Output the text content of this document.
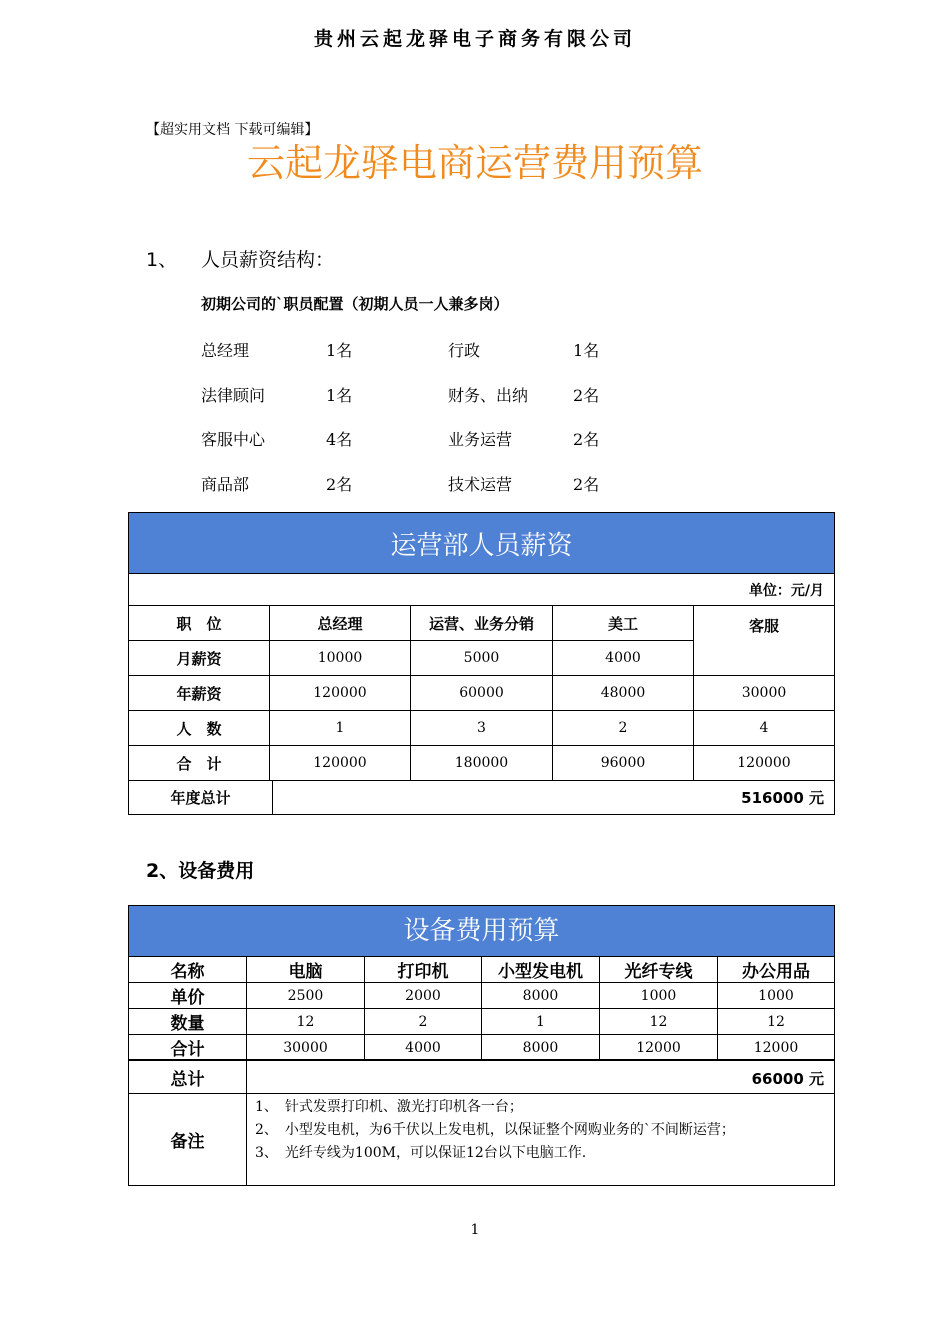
贵州云起龙驿电子商务有限公司
【超实用文档 下载可编辑】
云起龙驿电商运营费用预算
1、 人员薪资结构：
初期公司的`职员配置（初期人员一人兼多岗）
总经理	1名	行政	1名
法律顾问	1名	财务、出纳	2名
客服中心	4名	业务运营	2名
商品部	2名	技术运营	2名
运营部人员薪资				
单位：元/月				
职　位	总经理	运营、业务分销	美工	客服
月薪资	10000	5000	4000	
年薪资	120000	60000	48000	30000
人　数	1	3	2	4
合　计	120000	180000	96000	120000
年度总计	516000 元
2、设备费用
设备费用预算					
名称	电脑	打印机	小型发电机	光纤专线	办公用品
单价	2500	2000	8000	1000	1000
数量	12	2	1	12	12
合计	30000	4000	8000	12000	12000
总计	66000 元
备注	1、　针式发票打印机、激光打印机各一台；
2、　小型发电机，为6千伏以上发电机，以保证整个网购业务的`不间断运营；
3、　光纤专线为100M，可以保证12台以下电脑工作.
1
